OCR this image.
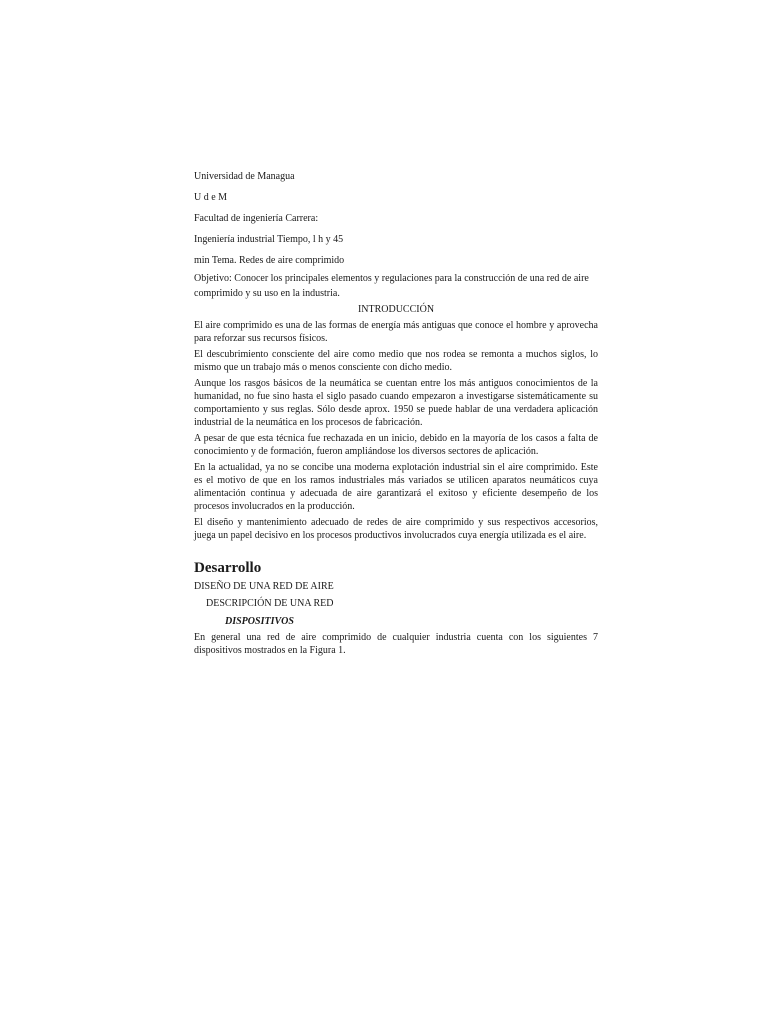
Universidad de Managua

U d e M

Facultad de ingeniería Carrera:

Ingeniería industrial Tiempo, l h y 45

min Tema. Redes de aire comprimido

Objetivo: Conocer los principales elementos y regulaciones para la construcción de una red de aire

comprimido y su uso en la industria.

INTRODUCCIÓN

El aire comprimido es una de las formas de energía más antiguas que conoce el hombre y aprovecha para reforzar sus recursos físicos.

El descubrimiento consciente del aire como medio que nos rodea se remonta a muchos siglos, lo mismo que un trabajo más o menos consciente con dicho medio.

Aunque los rasgos básicos de la neumática se cuentan entre los más antiguos conocimientos de la humanidad, no fue sino hasta el siglo pasado cuando empezaron a investigarse sistemáticamente su comportamiento y sus reglas. Sólo desde aprox. 1950 se puede hablar de una verdadera aplicación industrial de la neumática en los procesos de fabricación.

A pesar de que esta técnica fue rechazada en un inicio, debido en la mayoría de los casos a falta de conocimiento y de formación, fueron ampliándose los diversos sectores de aplicación.

En la actualidad, ya no se concibe una moderna explotación industrial sin el aire comprimido. Este es el motivo de que en los ramos industriales más variados se utilicen aparatos neumáticos cuya alimentación continua y adecuada de aire garantizará el exitoso y eficiente desempeño de los procesos involucrados en la producción.

El diseño y mantenimiento adecuado de redes de aire comprimido y sus respectivos accesorios, juega un papel decisivo en los procesos productivos involucrados cuya energía utilizada es el aire.

Desarrollo

DISEÑO DE UNA RED DE AIRE

DESCRIPCIÓN DE UNA RED

DISPOSITIVOS

En general una red de aire comprimido de cualquier industria cuenta con los siguientes 7 dispositivos mostrados en la Figura 1.
